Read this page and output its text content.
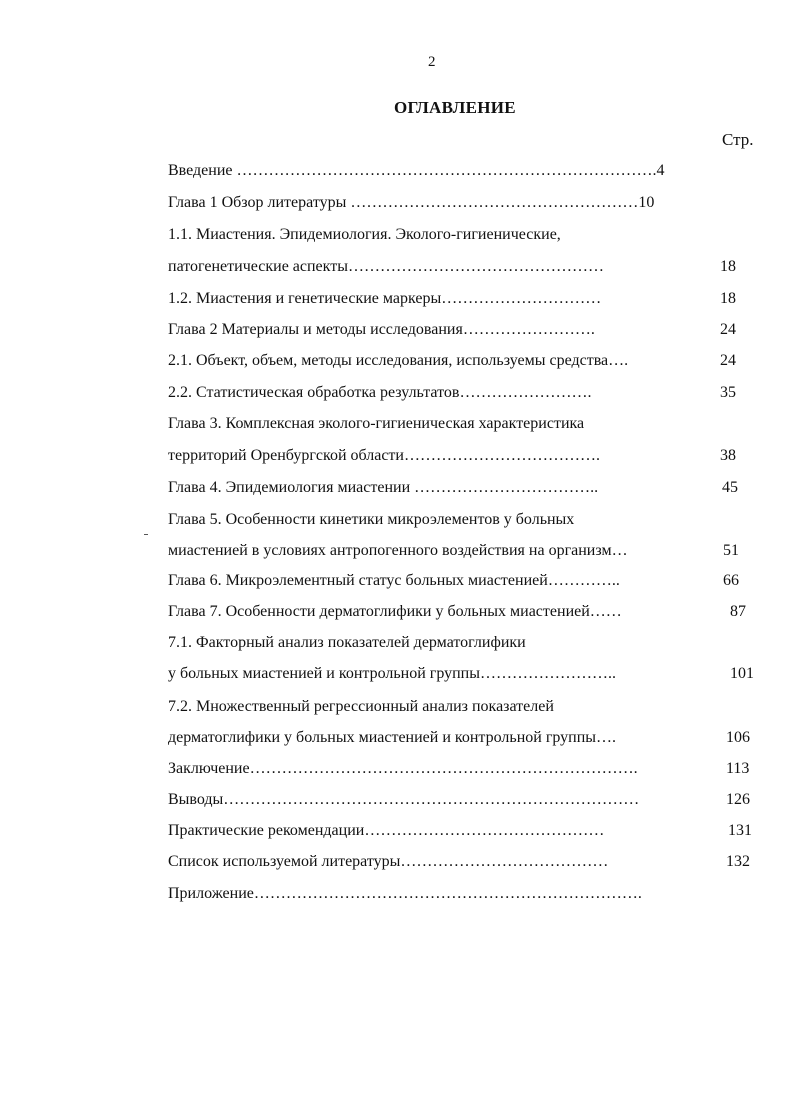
2
ОГЛАВЛЕНИЕ
Стр.
Введение …………………………………………………………………….4
Глава 1 Обзор литературы ………………………………………………10
1.1. Миастения. Эпидемиология. Эколого-гигиенические,
патогенетические аспекты…………………………………………	18
1.2. Миастения и генетические маркеры…………………………	18
Глава 2 Материалы и методы исследования…………………….	24
2.1. Объект, объем, методы исследования, используемы средства….	24
2.2. Статистическая обработка результатов…………………….	35
Глава 3. Комплексная эколого-гигиеническая характеристика
территорий Оренбургской области……………………………….	38
Глава 4. Эпидемиология миастении ……………………………..	45
Глава 5. Особенности кинетики микроэлементов у больных
миастенией в условиях антропогенного воздействия на организм…	51
Глава 6. Микроэлементный статус больных миастенией…………..	66
Глава 7. Особенности дерматоглифики у больных миастенией……	87
7.1. Факторный анализ показателей дерматоглифики
у больных миастенией и контрольной группы……………………..	101
7.2. Множественный регрессионный анализ показателей
дерматоглифики у больных миастенией и контрольной группы….	106
Заключение……………………………………………………………….	113
Выводы……………………………………………………………………	126
Практические рекомендации………………………………………	131
Список используемой литературы…………………………………	132
Приложение……………………………………………………………….
